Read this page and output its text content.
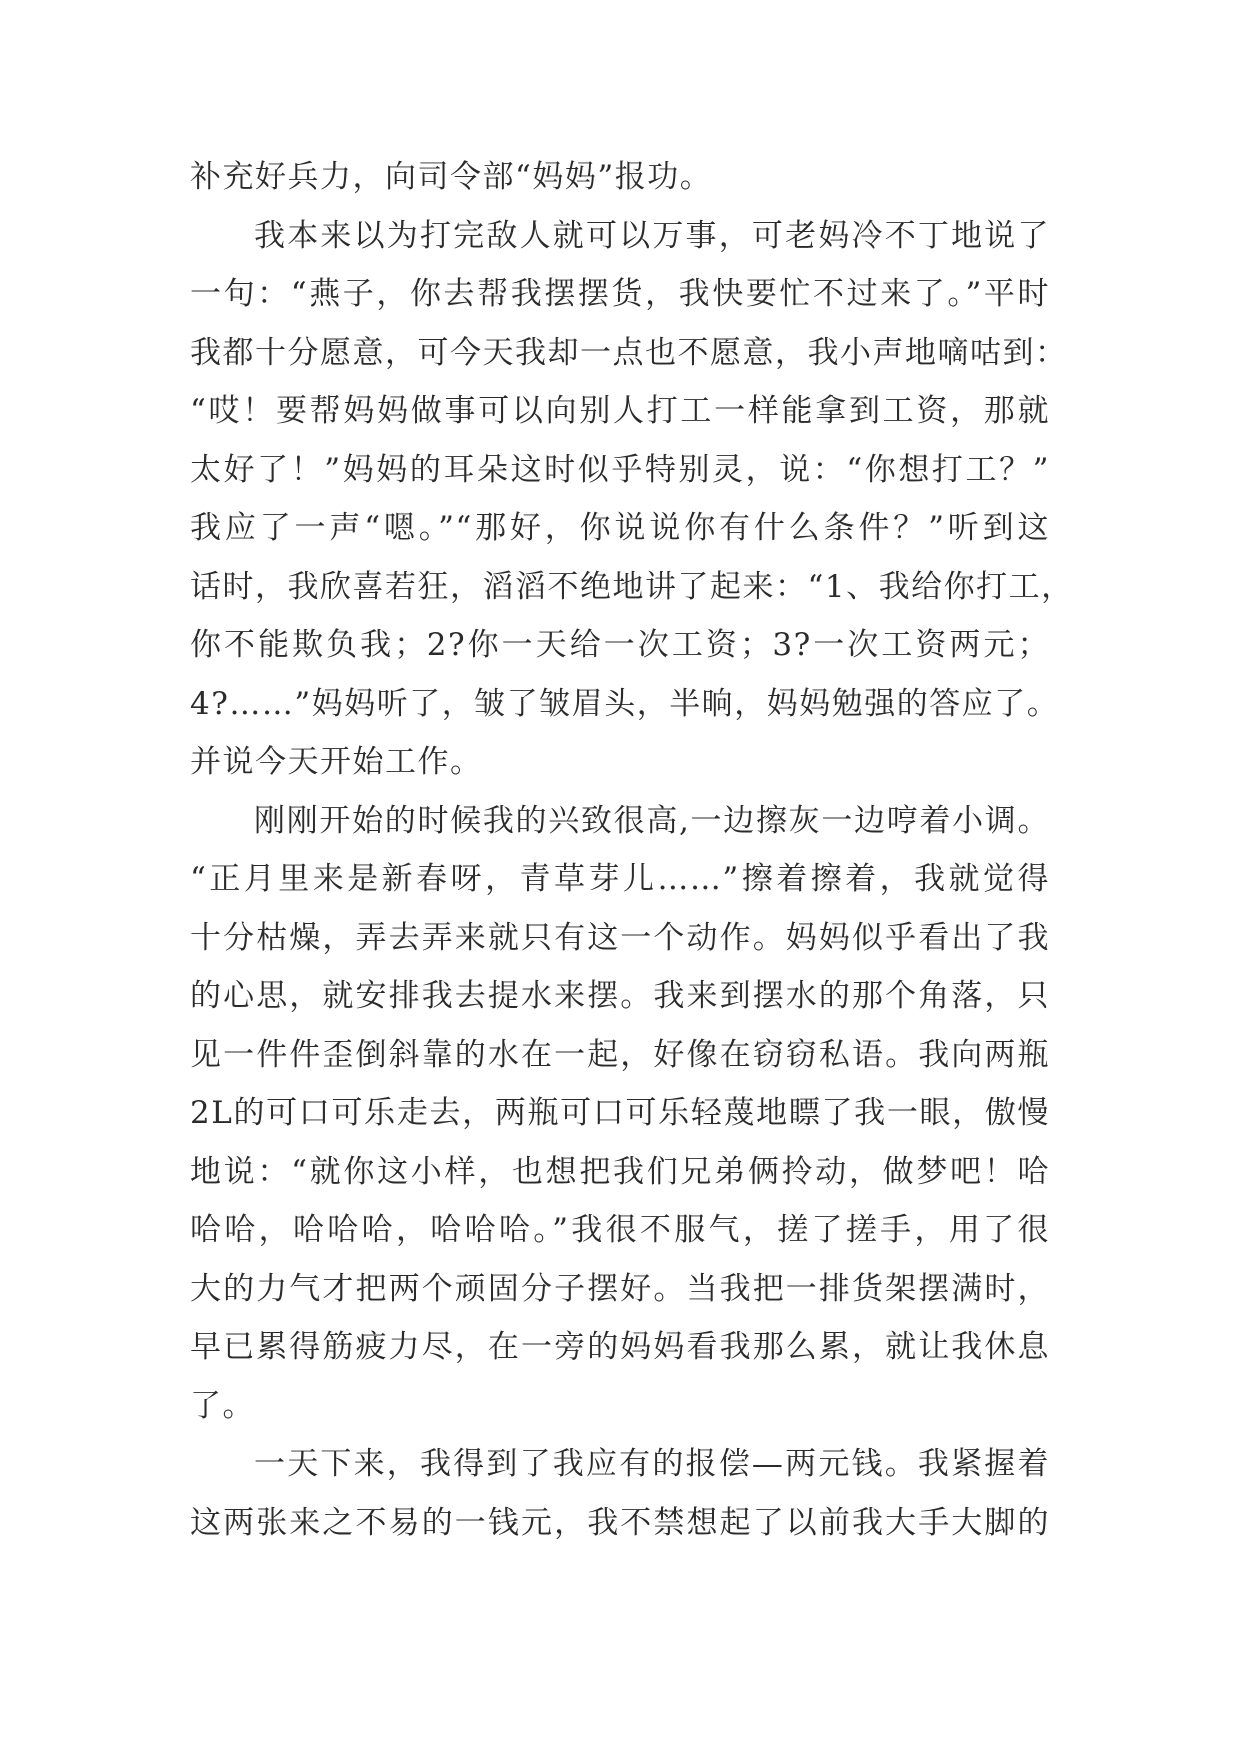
补充好兵力，向司令部“妈妈”报功。
我本来以为打完敌人就可以万事，可老妈冷不丁地说了
一句：“燕子，你去帮我摆摆货，我快要忙不过来了。”平时
我都十分愿意，可今天我却一点也不愿意，我小声地嘀咕到：
“哎！要帮妈妈做事可以向别人打工一样能拿到工资，那就
太好了！”妈妈的耳朵这时似乎特别灵，说：“你想打工？”
我应了一声“嗯。”“那好，你说说你有什么条件？”听到这
话时，我欣喜若狂，滔滔不绝地讲了起来：“1、我给你打工，
你不能欺负我；2?你一天给一次工资；3?一次工资两元；
4?……”妈妈听了，皱了皱眉头，半晌，妈妈勉强的答应了。
并说今天开始工作。
刚刚开始的时候我的兴致很高,一边擦灰一边哼着小调。
“正月里来是新春呀，青草芽儿……”擦着擦着，我就觉得
十分枯燥，弄去弄来就只有这一个动作。妈妈似乎看出了我
的心思，就安排我去提水来摆。我来到摆水的那个角落，只
见一件件歪倒斜靠的水在一起，好像在窃窃私语。我向两瓶
2L的可口可乐走去，两瓶可口可乐轻蔑地瞟了我一眼，傲慢
地说：“就你这小样，也想把我们兄弟俩拎动，做梦吧！哈
哈哈，哈哈哈，哈哈哈。”我很不服气，搓了搓手，用了很
大的力气才把两个顽固分子摆好。当我把一排货架摆满时，
早已累得筋疲力尽，在一旁的妈妈看我那么累，就让我休息
了。
一天下来，我得到了我应有的报偿—两元钱。我紧握着
这两张来之不易的一钱元，我不禁想起了以前我大手大脚的
